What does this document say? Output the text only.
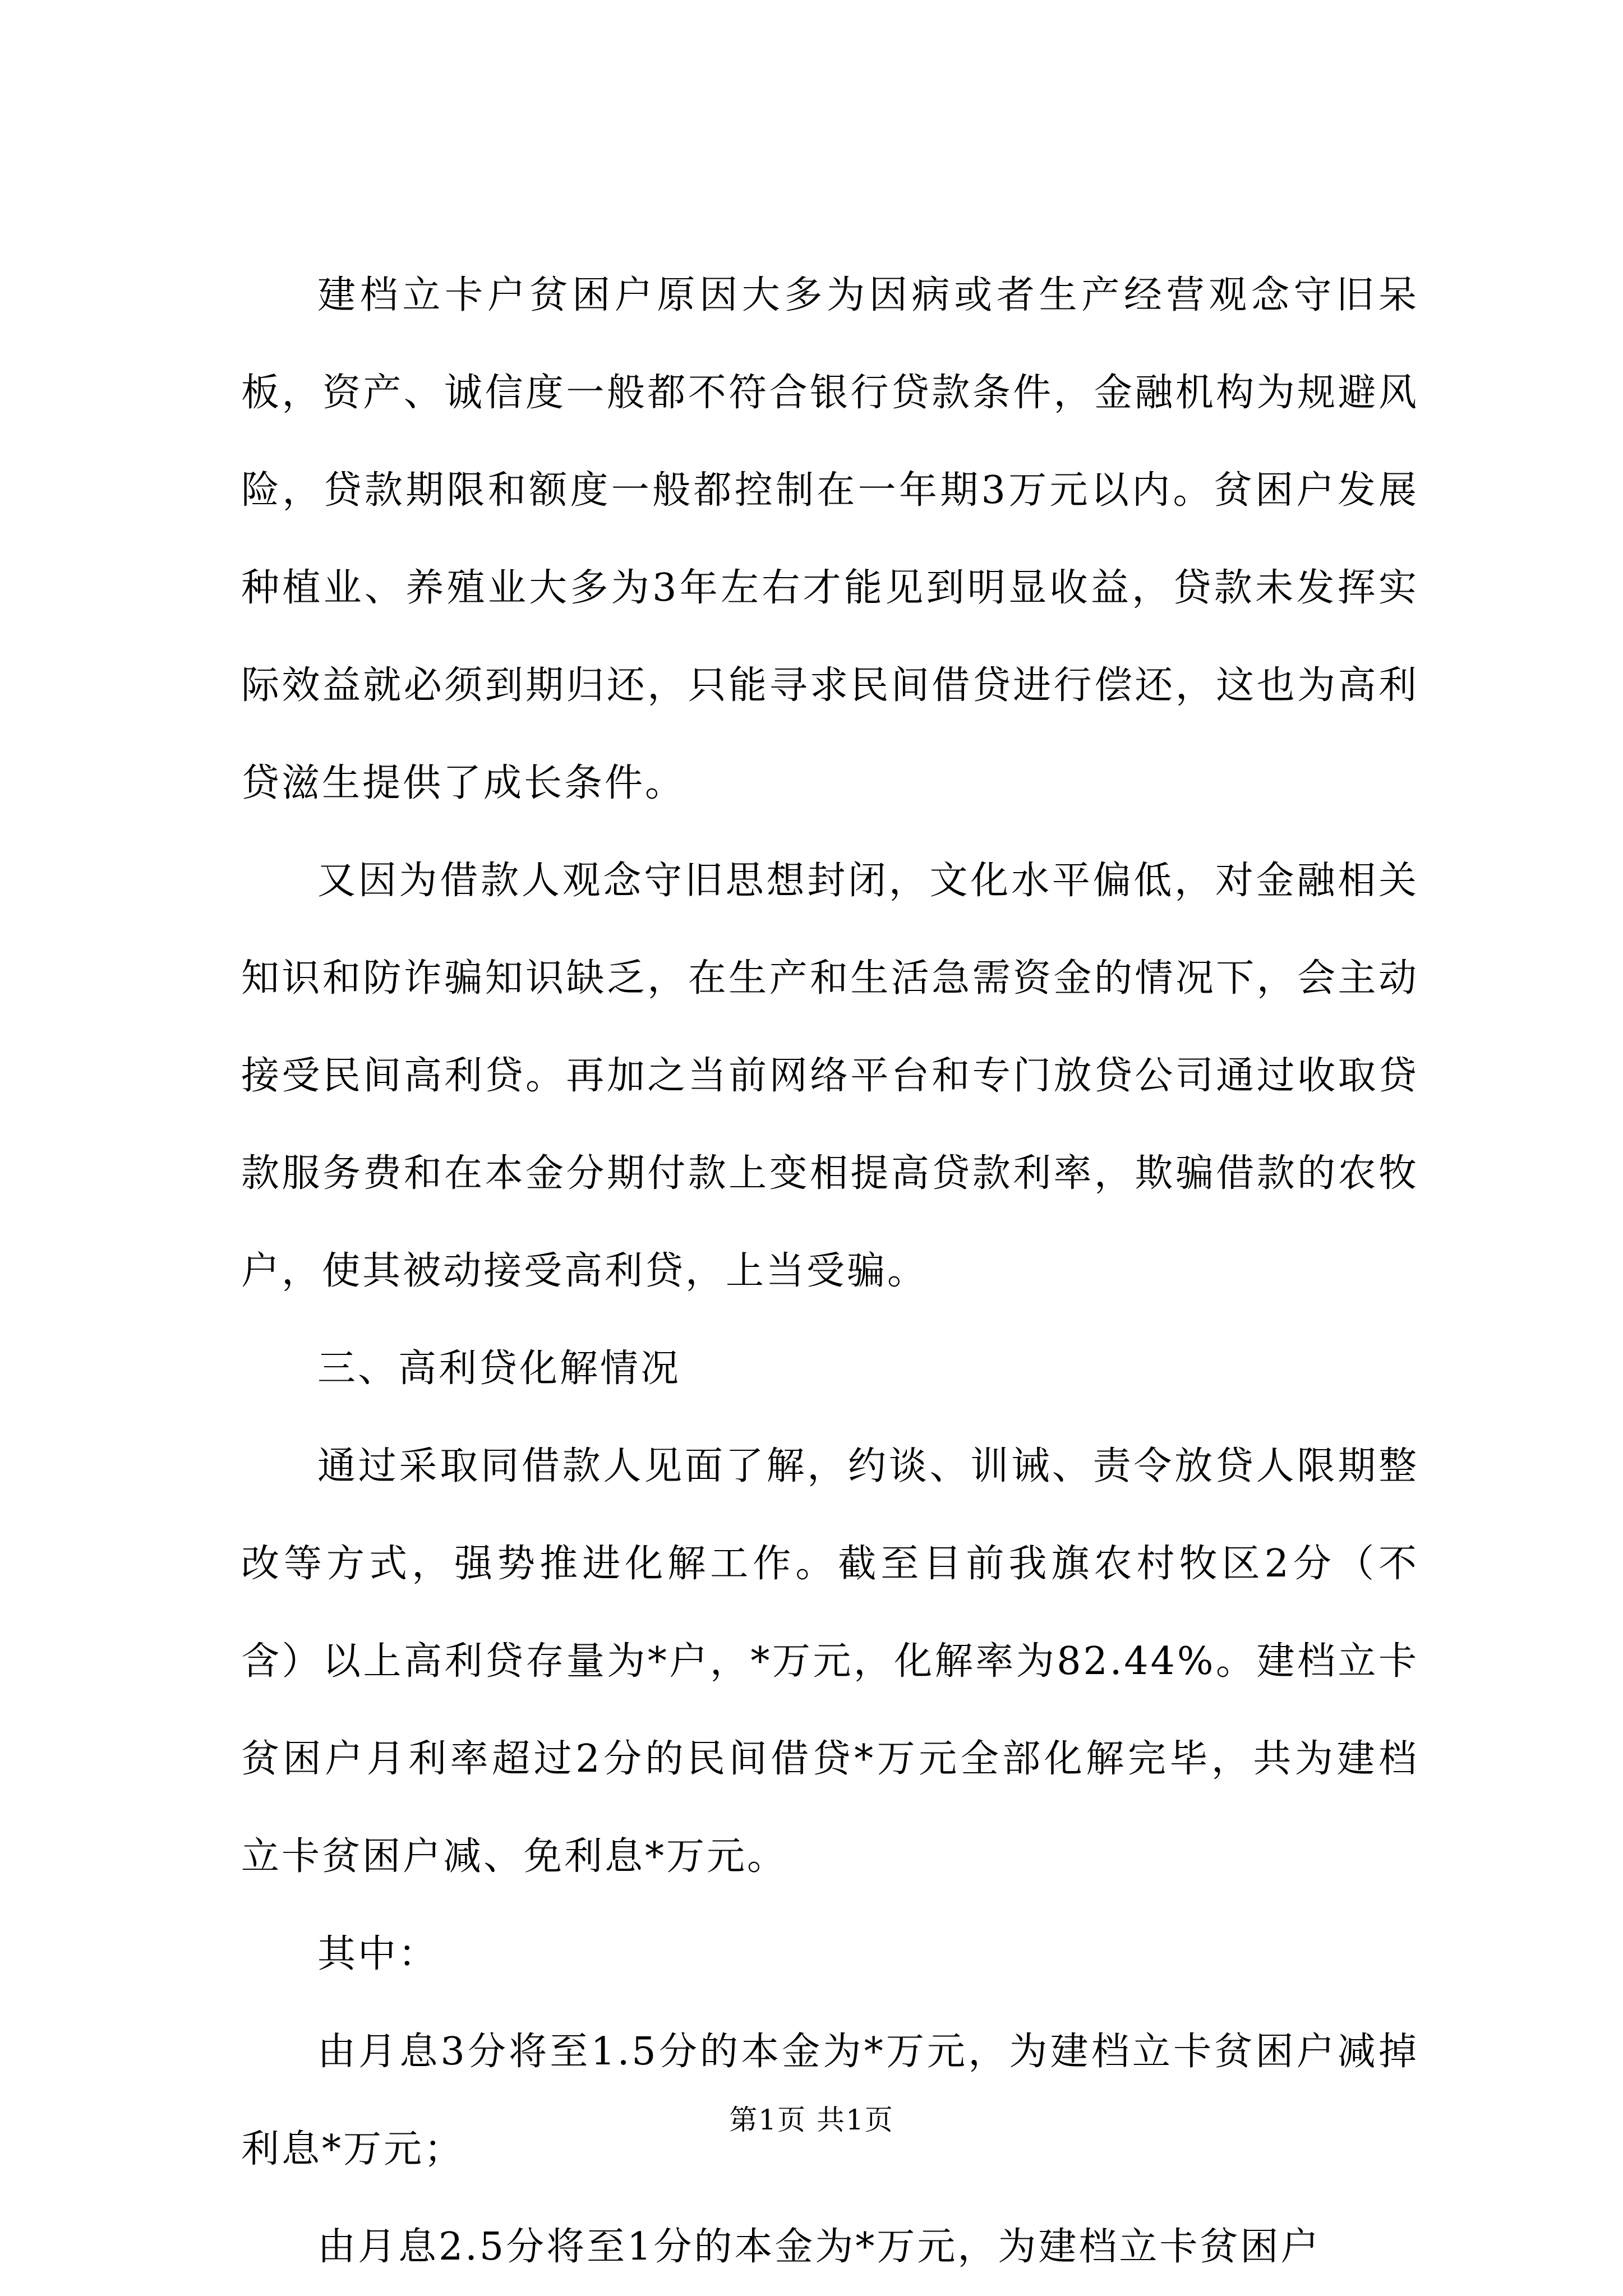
建档立卡户贫困户原因大多为因病或者生产经营观念守旧呆板，资产、诚信度一般都不符合银行贷款条件，金融机构为规避风险，贷款期限和额度一般都控制在一年期3万元以内。贫困户发展种植业、养殖业大多为3年左右才能见到明显收益，贷款未发挥实际效益就必须到期归还，只能寻求民间借贷进行偿还，这也为高利贷滋生提供了成长条件。

又因为借款人观念守旧思想封闭，文化水平偏低，对金融相关知识和防诈骗知识缺乏，在生产和生活急需资金的情况下，会主动接受民间高利贷。再加之当前网络平台和专门放贷公司通过收取贷款服务费和在本金分期付款上变相提高贷款利率，欺骗借款的农牧户，使其被动接受高利贷，上当受骗。

三、高利贷化解情况

通过采取同借款人见面了解，约谈、训诫、责令放贷人限期整改等方式，强势推进化解工作。截至目前我旗农村牧区2分（不含）以上高利贷存量为*户，*万元，化解率为82.44%。建档立卡贫困户月利率超过2分的民间借贷*万元全部化解完毕，共为建档立卡贫困户减、免利息*万元。

其中：

由月息3分将至1.5分的本金为*万元，为建档立卡贫困户减掉利息*万元；

由月息2.5分将至1分的本金为*万元，为建档立卡贫困户

第1页 共1页
